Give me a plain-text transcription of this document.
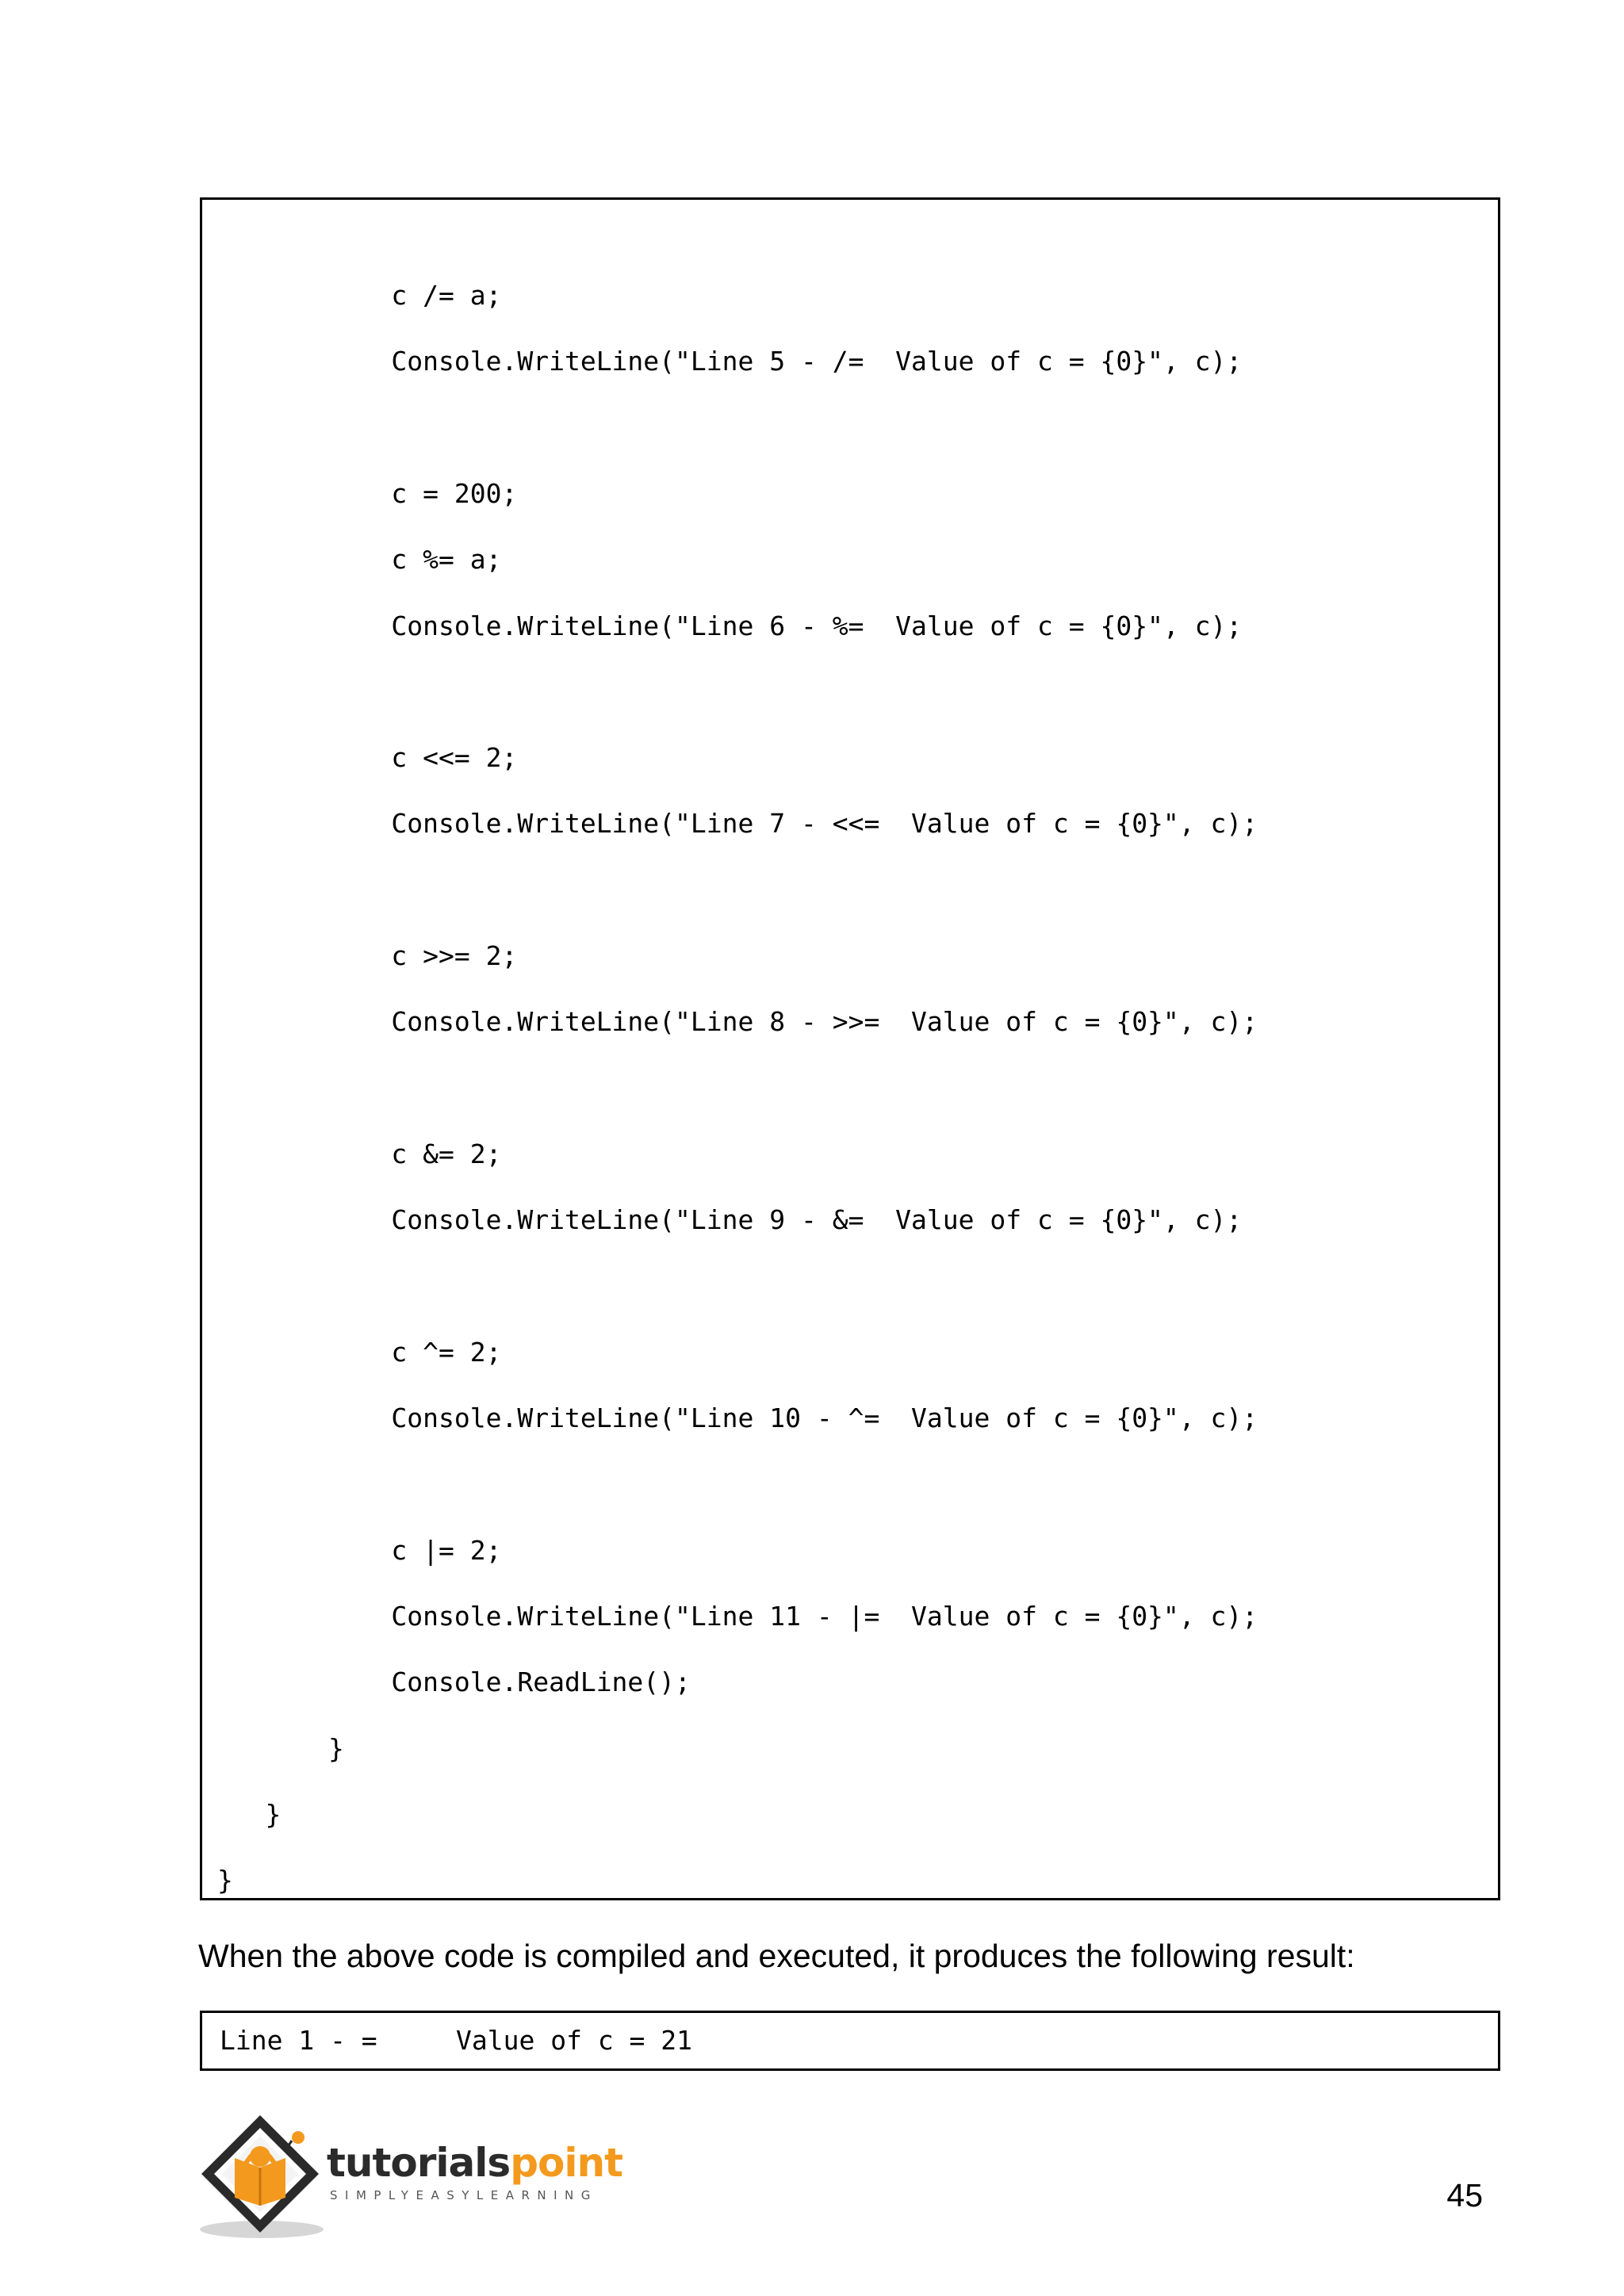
c /= a;
Console.WriteLine("Line 5 - /=  Value of c = {0}", c);
c = 200;
c %= a;
Console.WriteLine("Line 6 - %=  Value of c = {0}", c);
c <<= 2;
Console.WriteLine("Line 7 - <<=  Value of c = {0}", c);
c >>= 2;
Console.WriteLine("Line 8 - >>=  Value of c = {0}", c);
c &= 2;
Console.WriteLine("Line 9 - &=  Value of c = {0}", c);
c ^= 2;
Console.WriteLine("Line 10 - ^=  Value of c = {0}", c);
c |= 2;
Console.WriteLine("Line 11 - |=  Value of c = {0}", c);
Console.ReadLine();
}
}
}
When the above code is compiled and executed, it produces the following result:
Line 1 - =     Value of c = 21
tutorialspoint
SIMPLYEASYLEARNING	45
